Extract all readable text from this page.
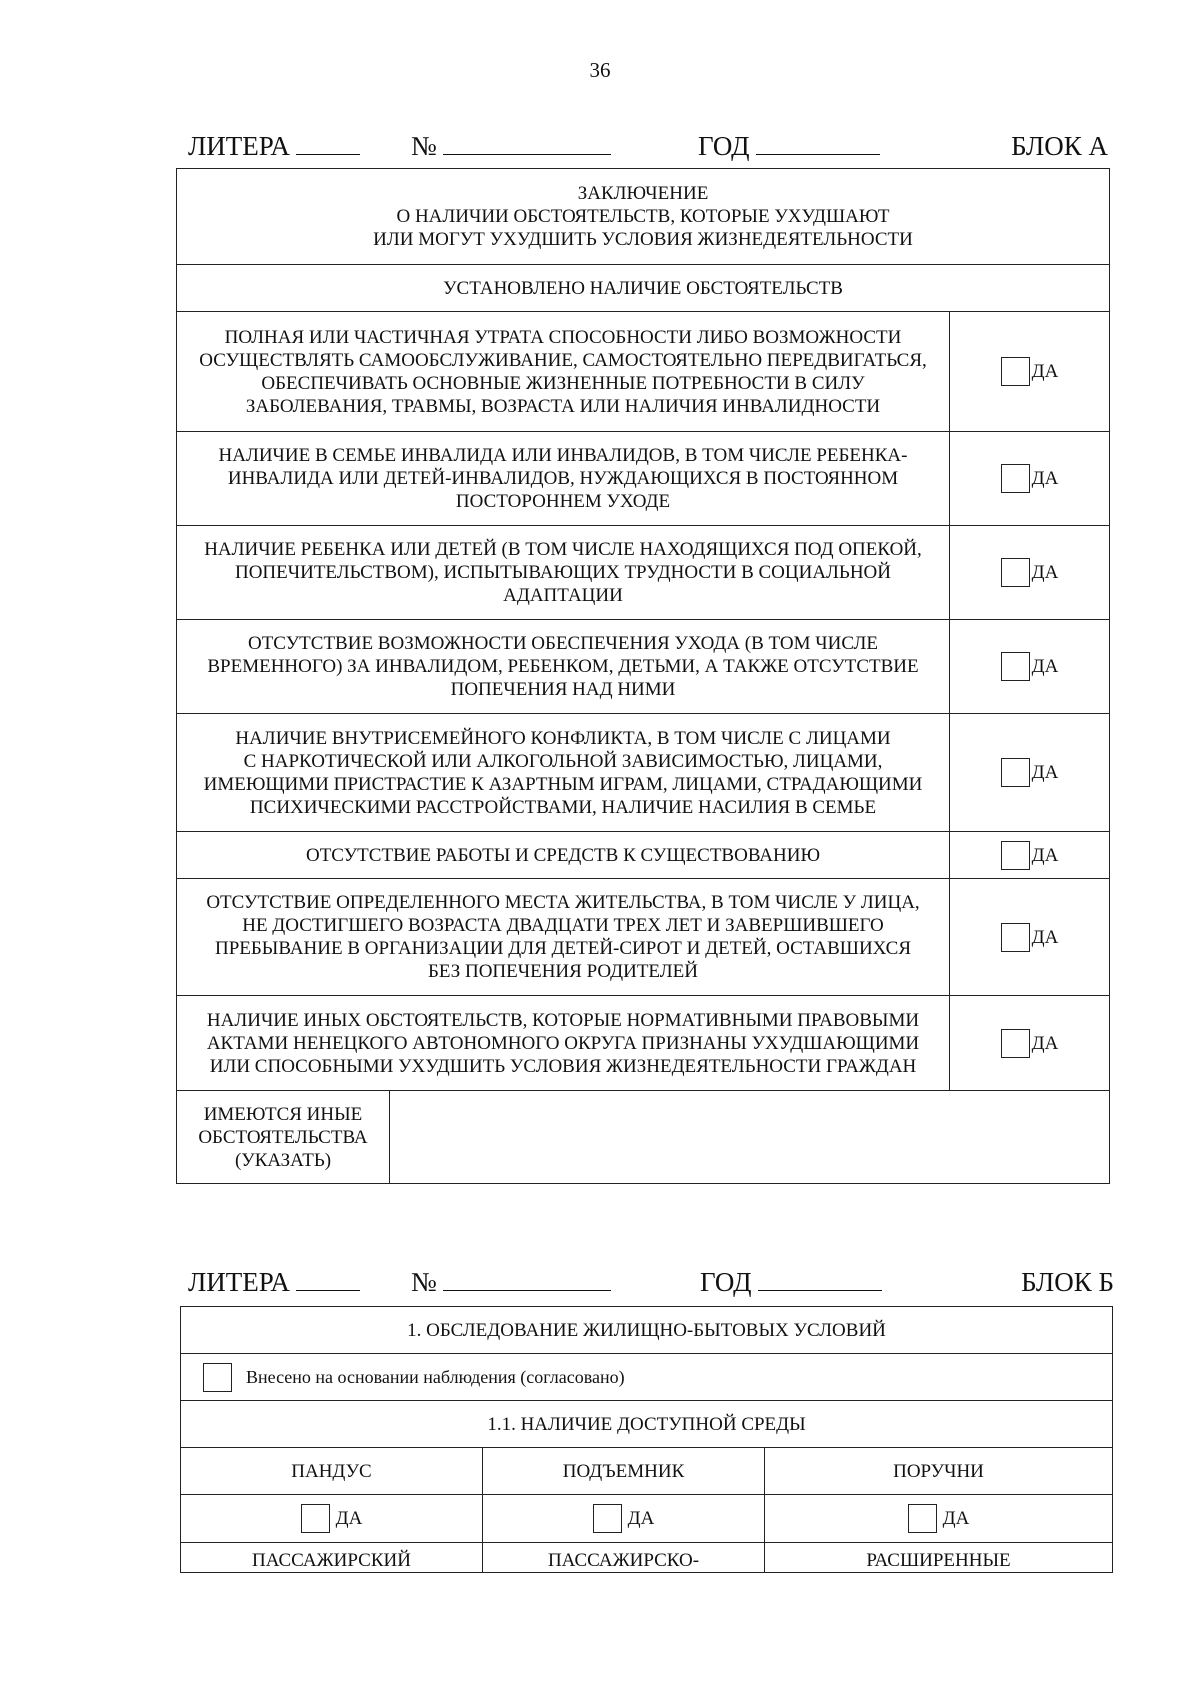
36
ЛИТЕРА	№	ГОД	БЛОК А
ЗАКЛЮЧЕНИЕ
О НАЛИЧИИ ОБСТОЯТЕЛЬСТВ, КОТОРЫЕ УХУДШАЮТ
ИЛИ МОГУТ УХУДШИТЬ УСЛОВИЯ ЖИЗНЕДЕЯТЕЛЬНОСТИ		

УСТАНОВЛЕНО НАЛИЧИЕ ОБСТОЯТЕЛЬСТВ		

ПОЛНАЯ ИЛИ ЧАСТИЧНАЯ УТРАТА СПОСОБНОСТИ ЛИБО ВОЗМОЖНОСТИ
ОСУЩЕСТВЛЯТЬ САМООБСЛУЖИВАНИЕ, САМОСТОЯТЕЛЬНО ПЕРЕДВИГАТЬСЯ,
ОБЕСПЕЧИВАТЬ ОСНОВНЫЕ ЖИЗНЕННЫЕ ПОТРЕБНОСТИ В СИЛУ
ЗАБОЛЕВАНИЯ, ТРАВМЫ, ВОЗРАСТА ИЛИ НАЛИЧИЯ ИНВАЛИДНОСТИ		ДА

НАЛИЧИЕ В СЕМЬЕ ИНВАЛИДА ИЛИ ИНВАЛИДОВ, В ТОМ ЧИСЛЕ РЕБЕНКА-
ИНВАЛИДА ИЛИ ДЕТЕЙ-ИНВАЛИДОВ, НУЖДАЮЩИХСЯ В ПОСТОЯННОМ
ПОСТОРОННЕМ УХОДЕ		ДА

НАЛИЧИЕ РЕБЕНКА ИЛИ ДЕТЕЙ (В ТОМ ЧИСЛЕ НАХОДЯЩИХСЯ ПОД ОПЕКОЙ,
ПОПЕЧИТЕЛЬСТВОМ), ИСПЫТЫВАЮЩИХ ТРУДНОСТИ В СОЦИАЛЬНОЙ
АДАПТАЦИИ		ДА

ОТСУТСТВИЕ ВОЗМОЖНОСТИ ОБЕСПЕЧЕНИЯ УХОДА (В ТОМ ЧИСЛЕ
ВРЕМЕННОГО) ЗА ИНВАЛИДОМ, РЕБЕНКОМ, ДЕТЬМИ, А ТАКЖЕ ОТСУТСТВИЕ
ПОПЕЧЕНИЯ НАД НИМИ		ДА

НАЛИЧИЕ ВНУТРИСЕМЕЙНОГО КОНФЛИКТА, В ТОМ ЧИСЛЕ С ЛИЦАМИ
С НАРКОТИЧЕСКОЙ ИЛИ АЛКОГОЛЬНОЙ ЗАВИСИМОСТЬЮ, ЛИЦАМИ,
ИМЕЮЩИМИ ПРИСТРАСТИЕ К АЗАРТНЫМ ИГРАМ, ЛИЦАМИ, СТРАДАЮЩИМИ
ПСИХИЧЕСКИМИ РАССТРОЙСТВАМИ, НАЛИЧИЕ НАСИЛИЯ В СЕМЬЕ		ДА

ОТСУТСТВИЕ РАБОТЫ И СРЕДСТВ К СУЩЕСТВОВАНИЮ		ДА

ОТСУТСТВИЕ ОПРЕДЕЛЕННОГО МЕСТА ЖИТЕЛЬСТВА, В ТОМ ЧИСЛЕ У ЛИЦА,
НЕ ДОСТИГШЕГО ВОЗРАСТА ДВАДЦАТИ ТРЕХ ЛЕТ И ЗАВЕРШИВШЕГО
ПРЕБЫВАНИЕ В ОРГАНИЗАЦИИ ДЛЯ ДЕТЕЙ-СИРОТ И ДЕТЕЙ, ОСТАВШИХСЯ
БЕЗ ПОПЕЧЕНИЯ РОДИТЕЛЕЙ		ДА

НАЛИЧИЕ ИНЫХ ОБСТОЯТЕЛЬСТВ, КОТОРЫЕ НОРМАТИВНЫМИ ПРАВОВЫМИ
АКТАМИ НЕНЕЦКОГО АВТОНОМНОГО ОКРУГА ПРИЗНАНЫ УХУДШАЮЩИМИ
ИЛИ СПОСОБНЫМИ УХУДШИТЬ УСЛОВИЯ ЖИЗНЕДЕЯТЕЛЬНОСТИ ГРАЖДАН		ДА

ИМЕЮТСЯ ИНЫЕ
ОБСТОЯТЕЛЬСТВА
(УКАЗАТЬ)		

ЛИТЕРА	№	ГОД	БЛОК Б
1. ОБСЛЕДОВАНИЕ ЖИЛИЩНО-БЫТОВЫХ УСЛОВИЙ		
Внесено на основании наблюдения (согласовано)		
1.1. НАЛИЧИЕ ДОСТУПНОЙ СРЕДЫ		
ПАНДУС	ПОДЪЕМНИК	ПОРУЧНИ
ДА	ДА	ДА
ПАССАЖИРСКИЙ	ПАССАЖИРСКО-	РАСШИРЕННЫЕ
